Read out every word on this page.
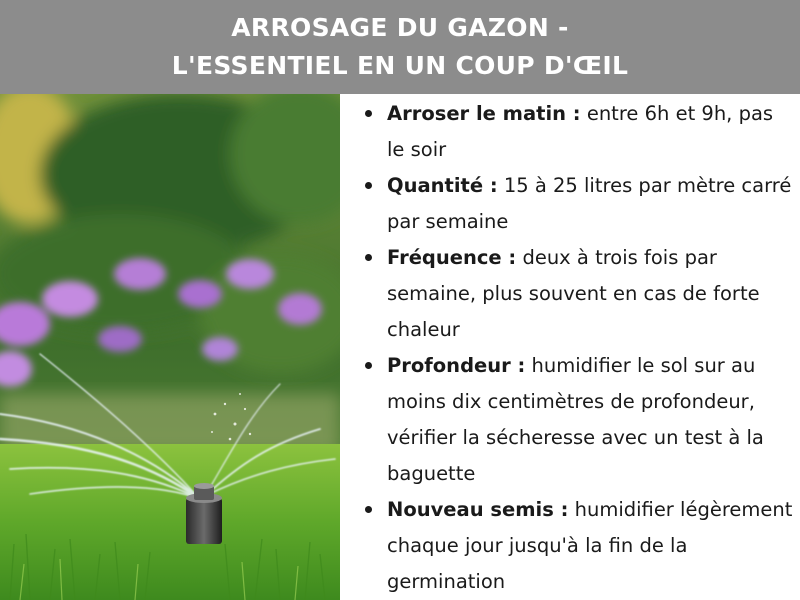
ARROSAGE DU GAZON -
L'ESSENTIEL EN UN COUP D'ŒIL
Arroser le matin : entre 6h et 9h, pas le soir
Quantité : 15 à 25 litres par mètre carré par semaine
Fréquence : deux à trois fois par semaine, plus souvent en cas de forte chaleur
Profondeur : humidifier le sol sur au moins dix centimètres de profondeur, vérifier la sécheresse avec un test à la baguette
Nouveau semis : humidifier légèrement chaque jour jusqu'à la fin de la germination
